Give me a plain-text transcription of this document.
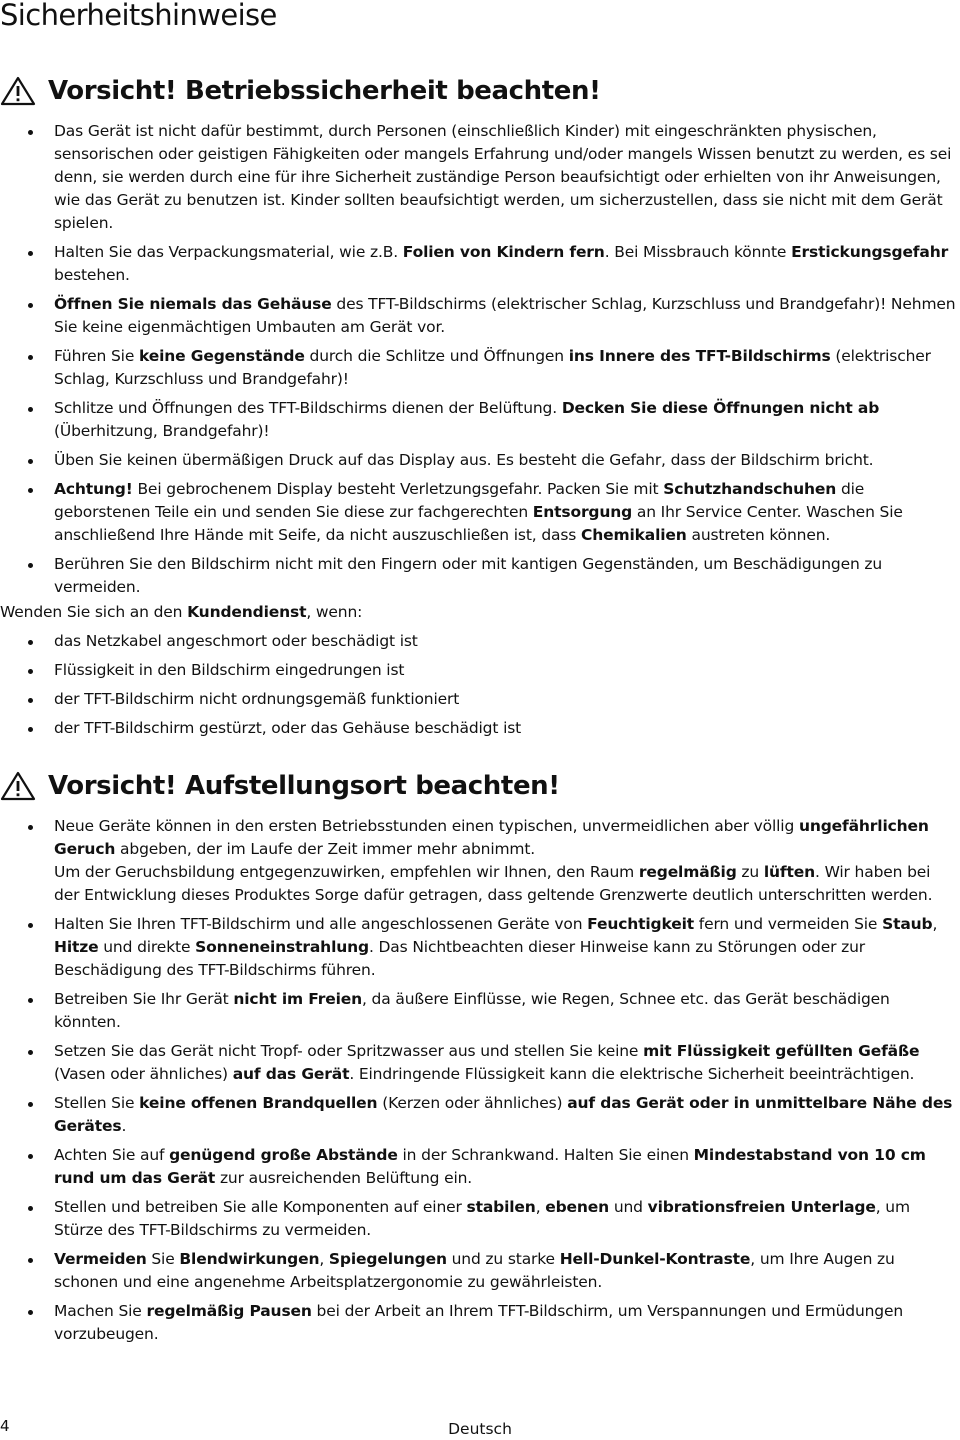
Sicherheitshinweise
Vorsicht! Betriebssicherheit beachten!
Das Gerät ist nicht dafür bestimmt, durch Personen (einschließlich Kinder) mit eingeschränkten physischen, sensorischen oder geistigen Fähigkeiten oder mangels Erfahrung und/oder mangels Wissen benutzt zu werden, es sei denn, sie werden durch eine für ihre Sicherheit zuständige Person beaufsichtigt oder erhielten von ihr Anweisungen, wie das Gerät zu benutzen ist. Kinder sollten beaufsichtigt werden, um sicherzustellen, dass sie nicht mit dem Gerät spielen.
Halten Sie das Verpackungsmaterial, wie z.B. Folien von Kindern fern. Bei Missbrauch könnte Erstickungsgefahr bestehen.
Öffnen Sie niemals das Gehäuse des TFT-Bildschirms (elektrischer Schlag, Kurzschluss und Brandgefahr)! Nehmen Sie keine eigenmächtigen Umbauten am Gerät vor.
Führen Sie keine Gegenstände durch die Schlitze und Öffnungen ins Innere des TFT-Bildschirms (elektrischer Schlag, Kurzschluss und Brandgefahr)!
Schlitze und Öffnungen des TFT-Bildschirms dienen der Belüftung. Decken Sie diese Öffnungen nicht ab (Überhitzung, Brandgefahr)!
Üben Sie keinen übermäßigen Druck auf das Display aus. Es besteht die Gefahr, dass der Bildschirm bricht.
Achtung! Bei gebrochenem Display besteht Verletzungsgefahr. Packen Sie mit Schutzhandschuhen die geborstenen Teile ein und senden Sie diese zur fachgerechten Entsorgung an Ihr Service Center. Waschen Sie anschließend Ihre Hände mit Seife, da nicht auszuschließen ist, dass Chemikalien austreten können.
Berühren Sie den Bildschirm nicht mit den Fingern oder mit kantigen Gegenständen, um Beschädigungen zu vermeiden.

Wenden Sie sich an den Kundendienst, wenn:

das Netzkabel angeschmort oder beschädigt ist
Flüssigkeit in den Bildschirm eingedrungen ist
der TFT-Bildschirm nicht ordnungsgemäß funktioniert
der TFT-Bildschirm gestürzt, oder das Gehäuse beschädigt ist
Vorsicht! Aufstellungsort beachten!
Neue Geräte können in den ersten Betriebsstunden einen typischen, unvermeidlichen aber völlig ungefährlichen Geruch abgeben, der im Laufe der Zeit immer mehr abnimmt.
Um der Geruchsbildung entgegenzuwirken, empfehlen wir Ihnen, den Raum regelmäßig zu lüften. Wir haben bei der Entwicklung dieses Produktes Sorge dafür getragen, dass geltende Grenzwerte deutlich unterschritten werden.
Halten Sie Ihren TFT-Bildschirm und alle angeschlossenen Geräte von Feuchtigkeit fern und vermeiden Sie Staub, Hitze und direkte Sonneneinstrahlung. Das Nichtbeachten dieser Hinweise kann zu Störungen oder zur Beschädigung des TFT-Bildschirms führen.
Betreiben Sie Ihr Gerät nicht im Freien, da äußere Einflüsse, wie Regen, Schnee etc. das Gerät beschädigen könnten.
Setzen Sie das Gerät nicht Tropf- oder Spritzwasser aus und stellen Sie keine mit Flüssigkeit gefüllten Gefäße (Vasen oder ähnliches) auf das Gerät. Eindringende Flüssigkeit kann die elektrische Sicherheit beeinträchtigen.
Stellen Sie keine offenen Brandquellen (Kerzen oder ähnliches) auf das Gerät oder in unmittelbare Nähe des Gerätes.
Achten Sie auf genügend große Abstände in der Schrankwand. Halten Sie einen Mindestabstand von 10 cm rund um das Gerät zur ausreichenden Belüftung ein.
Stellen und betreiben Sie alle Komponenten auf einer stabilen, ebenen und vibrationsfreien Unterlage, um Stürze des TFT-Bildschirms zu vermeiden.
Vermeiden Sie Blendwirkungen, Spiegelungen und zu starke Hell-Dunkel-Kontraste, um Ihre Augen zu schonen und eine angenehme Arbeitsplatzergonomie zu gewährleisten.
Machen Sie regelmäßig Pausen bei der Arbeit an Ihrem TFT-Bildschirm, um Verspannungen und Ermüdungen vorzubeugen.
4	Deutsch
